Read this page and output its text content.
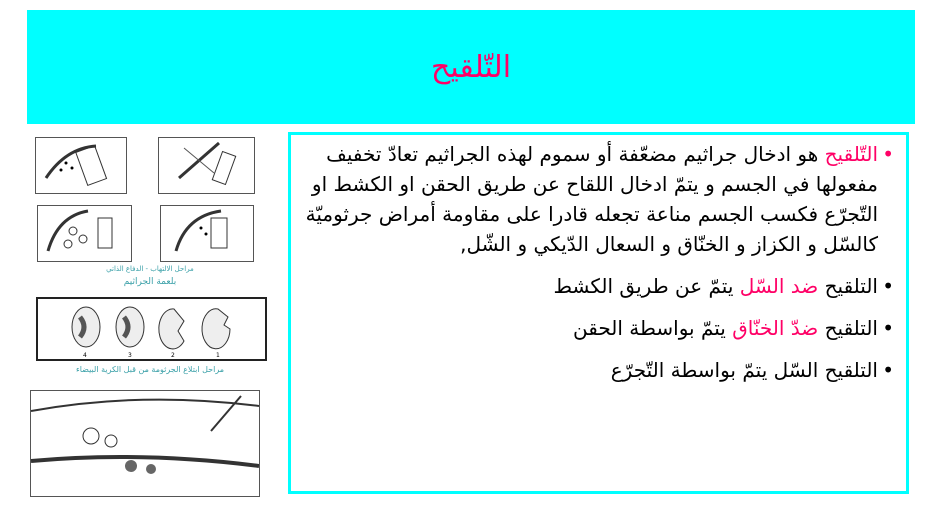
التّلقيح
• التّلقيح هو ادخال جراثيم مضعّفة أو سموم لهذه الجراثيم تعادّ تخفيف مفعولها في الجسم و يتمّ ادخال اللقاح عن طريق الحقن او الكشط او التّجرّع فكسب الجسم مناعة تجعله قادرا على مقاومة أمراض جرثوميّة كالسّل و الكزاز و الخنّاق و السعال الدّيكي و الشّل,
• التلقيح ضد السّل يتمّ عن طريق الكشط
• التلقيح ضدّ الخنّاق يتمّ بواسطة الحقن
• التلقيح السّل يتمّ بواسطة التّجرّع
مراحل الالتهاب - الدفاع الذاتي
بلعمة الجراثيم
4	3	2	1
مراحل ابتلاع الجرثومة من قبل الكرية البيضاء
